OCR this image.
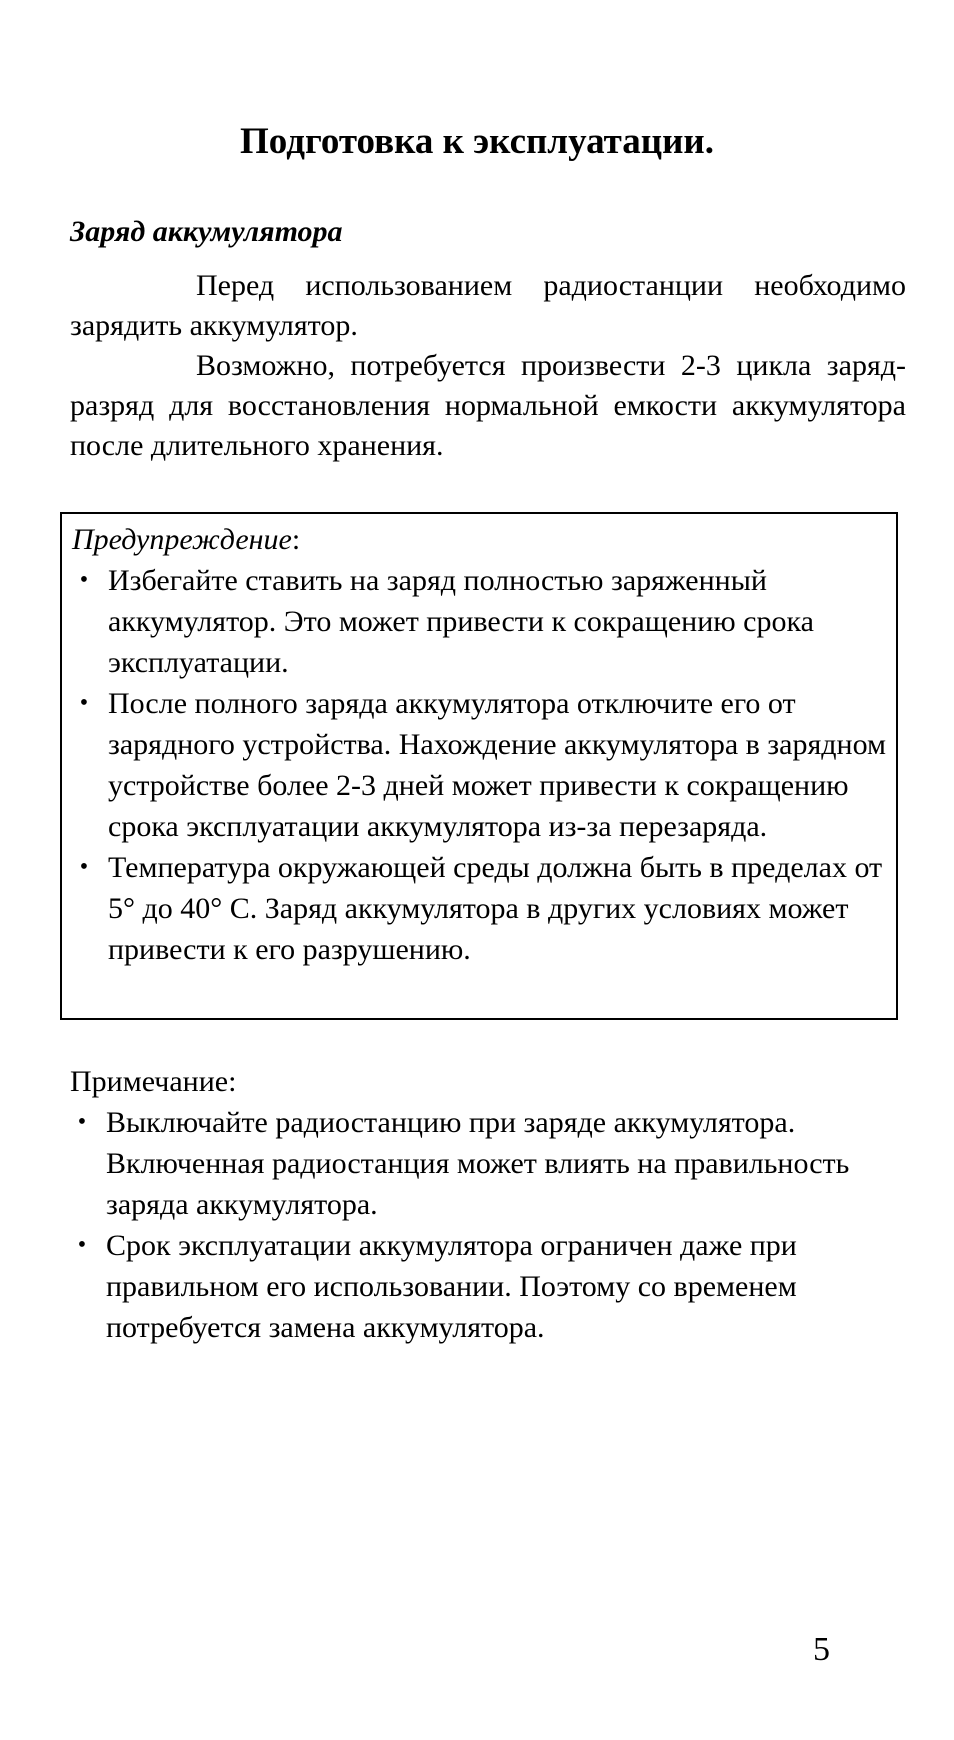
Подготовка к эксплуатации.
Заряд аккумулятора

Перед использованием радиостанции необходимо зарядить аккумулятор.

Возможно, потребуется произвести 2-3 цикла заряд-разряд для восстановления нормальной емкости аккумулятора после длительного хранения.

Предупреждение:

• Избегайте ставить на заряд полностью заряженный аккумулятор. Это может привести к сокращению срока эксплуатации.
• После полного заряда аккумулятора отключите его от зарядного устройства. Нахождение аккумулятора в зарядном устройстве более 2-3 дней может привести к сокращению срока эксплуатации аккумулятора из-за перезаряда.
• Температура окружающей среды должна быть в пределах от 5° до 40° С. Заряд аккумулятора в других условиях может привести к его разрушению.

Примечание:

• Выключайте радиостанцию при заряде аккумулятора. Включенная радиостанция может влиять на правильность заряда аккумулятора.
• Срок эксплуатации аккумулятора ограничен даже при правильном его использовании. Поэтому со временем потребуется замена аккумулятора.
5
